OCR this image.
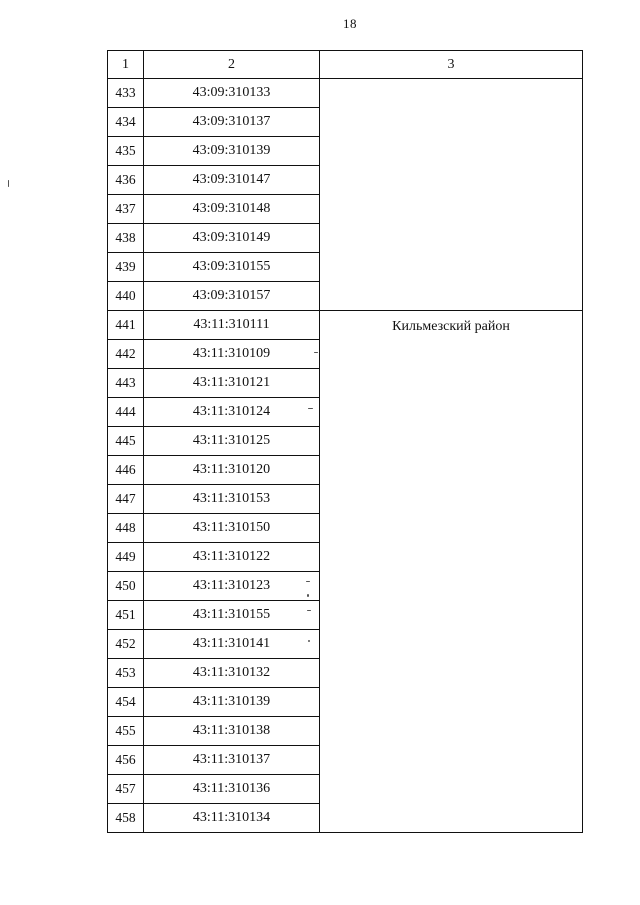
18
1	2	3
433	43:09:310133	
434	43:09:310137	
435	43:09:310139	
436	43:09:310147	
437	43:09:310148	
438	43:09:310149	
439	43:09:310155	
440	43:09:310157	
441	43:11:310111	Кильмезский район
442	43:11:310109	
443	43:11:310121	
444	43:11:310124	
445	43:11:310125	
446	43:11:310120	
447	43:11:310153	
448	43:11:310150	
449	43:11:310122	
450	43:11:310123	
451	43:11:310155	
452	43:11:310141	
453	43:11:310132	
454	43:11:310139	
455	43:11:310138	
456	43:11:310137	
457	43:11:310136	
458	43:11:310134	
